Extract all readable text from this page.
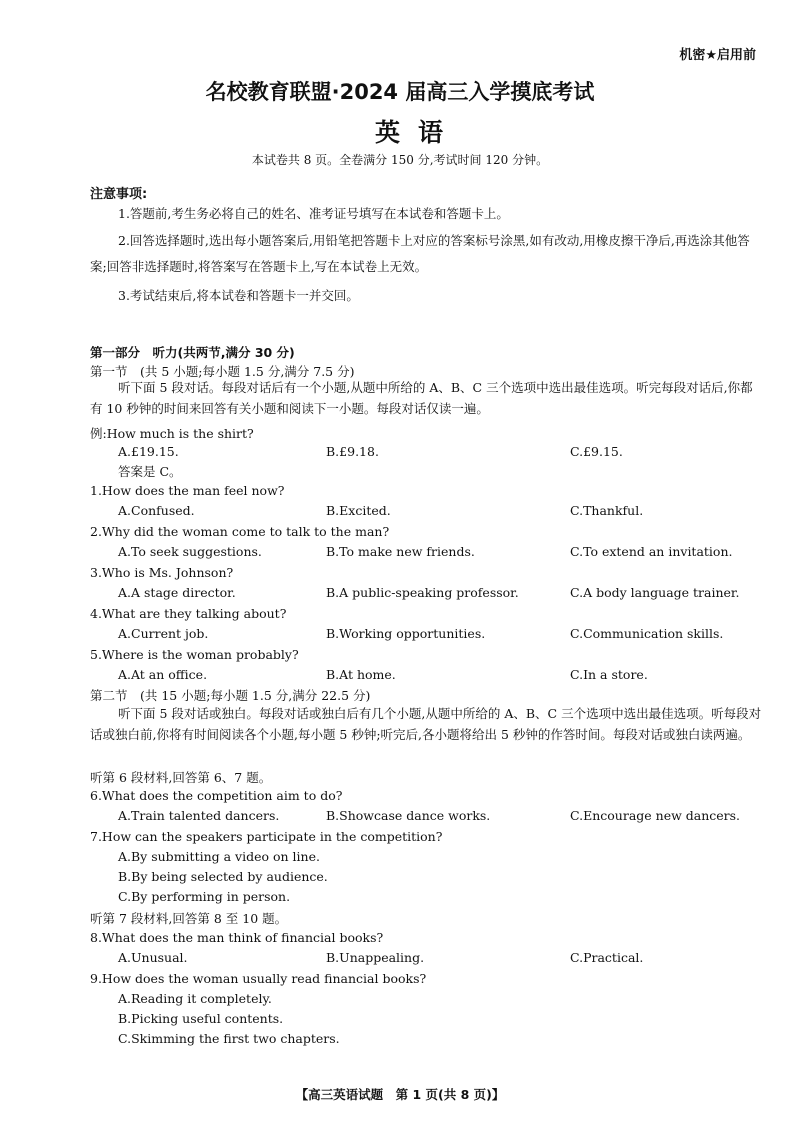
机密★启用前
名校教育联盟·2024 届高三入学摸底考试
英语
本试卷共 8 页。全卷满分 150 分,考试时间 120 分钟。
注意事项:
1.答题前,考生务必将自己的姓名、准考证号填写在本试卷和答题卡上。
2.回答选择题时,选出每小题答案后,用铅笔把答题卡上对应的答案标号涂黑,如有改动,用橡皮擦干净后,再选涂其他答案;回答非选择题时,将答案写在答题卡上,写在本试卷上无效。
3.考试结束后,将本试卷和答题卡一并交回。
第一部分　听力(共两节,满分 30 分)
第一节　(共 5 小题;每小题 1.5 分,满分 7.5 分)
听下面 5 段对话。每段对话后有一个小题,从题中所给的 A、B、C 三个选项中选出最佳选项。听完每段对话后,你都有 10 秒钟的时间来回答有关小题和阅读下一小题。每段对话仅读一遍。
例:How much is the shirt?
A.£19.15.	B.£9.18.	C.£9.15.
答案是 C。
1.How does the man feel now?
A.Confused.	B.Excited.	C.Thankful.
2.Why did the woman come to talk to the man?
A.To seek suggestions.	B.To make new friends.	C.To extend an invitation.
3.Who is Ms. Johnson?
A.A stage director.	B.A public-speaking professor.	C.A body language trainer.
4.What are they talking about?
A.Current job.	B.Working opportunities.	C.Communication skills.
5.Where is the woman probably?
A.At an office.	B.At home.	C.In a store.
第二节　(共 15 小题;每小题 1.5 分,满分 22.5 分)
听下面 5 段对话或独白。每段对话或独白后有几个小题,从题中所给的 A、B、C 三个选项中选出最佳选项。听每段对话或独白前,你将有时间阅读各个小题,每小题 5 秒钟;听完后,各小题将给出 5 秒钟的作答时间。每段对话或独白读两遍。
听第 6 段材料,回答第 6、7 题。
6.What does the competition aim to do?
A.Train talented dancers.	B.Showcase dance works.	C.Encourage new dancers.
7.How can the speakers participate in the competition?
A.By submitting a video on line.
B.By being selected by audience.
C.By performing in person.
听第 7 段材料,回答第 8 至 10 题。
8.What does the man think of financial books?
A.Unusual.	B.Unappealing.	C.Practical.
9.How does the woman usually read financial books?
A.Reading it completely.
B.Picking useful contents.
C.Skimming the first two chapters.
【高三英语试题　第 1 页(共 8 页)】
